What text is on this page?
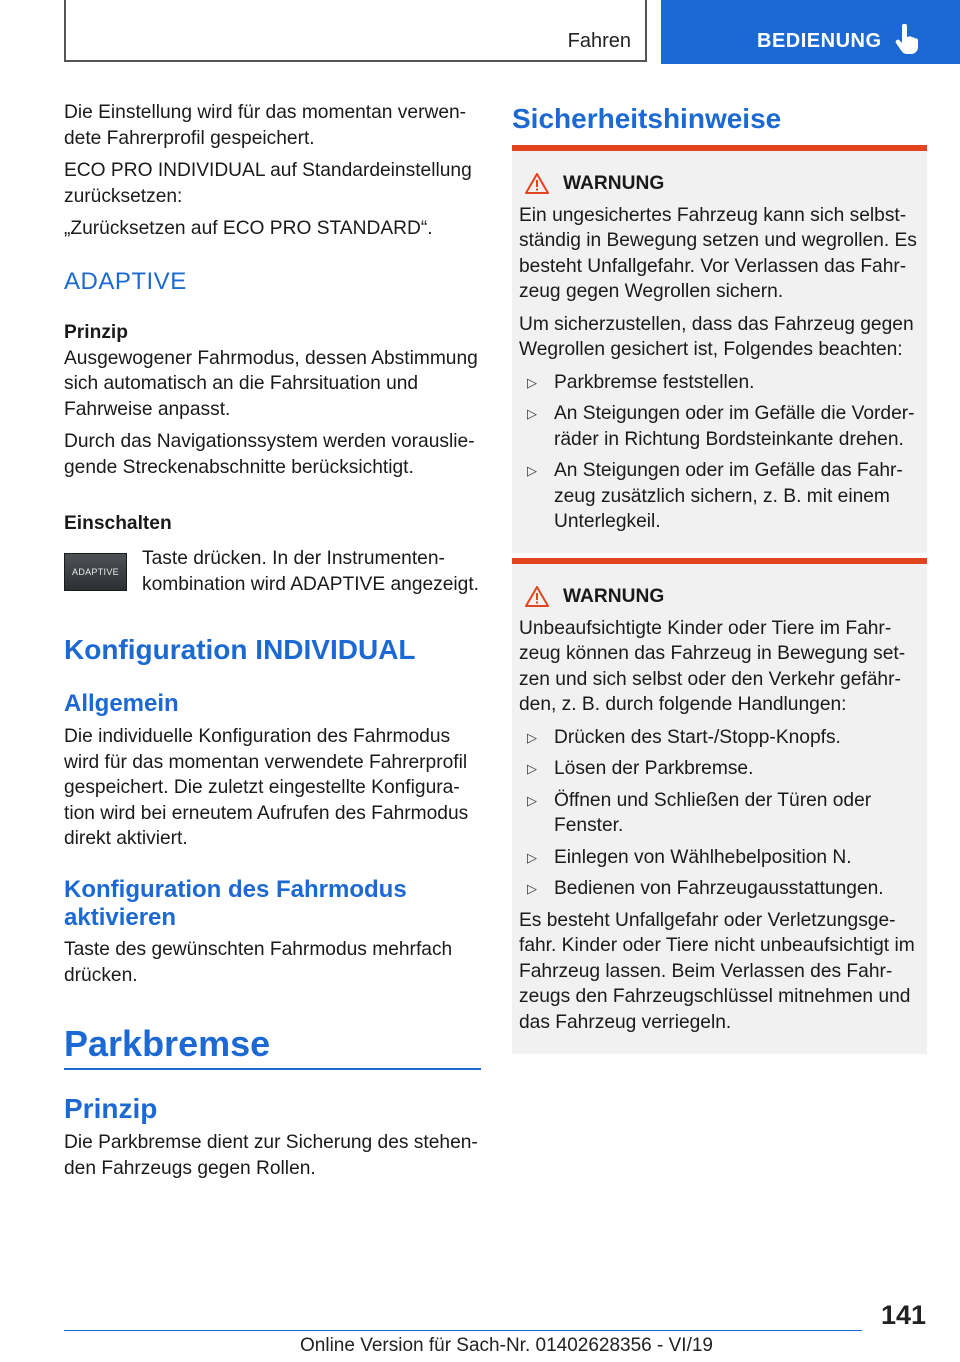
Fahren	BEDIENUNG

Die Einstellung wird für das momentan verwendete Fahrerprofil gespeichert.

ECO PRO INDIVIDUAL auf Standardeinstellung zurücksetzen:

„Zurücksetzen auf ECO PRO STANDARD“.

ADAPTIVE
Prinzip

Ausgewogener Fahrmodus, dessen Abstimmung sich automatisch an die Fahrsituation und Fahrweise anpasst.

Durch das Navigationssystem werden vorausliegende Streckenabschnitte berücksichtigt.

Einschalten
ADAPTIVE
Taste drücken. In der Instrumentenkombination wird ADAPTIVE angezeigt.
Konfiguration INDIVIDUAL
Allgemein
Die individuelle Konfiguration des Fahrmodus wird für das momentan verwendete Fahrerprofil gespeichert. Die zuletzt eingestellte Konfiguration wird bei erneutem Aufrufen des Fahrmodus direkt aktiviert.
Konfiguration des Fahrmodus aktivieren
Taste des gewünschten Fahrmodus mehrfach drücken.
Parkbremse
Prinzip
Die Parkbremse dient zur Sicherung des stehenden Fahrzeugs gegen Rollen.
Sicherheitshinweise
WARNUNG

Ein ungesichertes Fahrzeug kann sich selbstständig in Bewegung setzen und wegrollen. Es besteht Unfallgefahr. Vor Verlassen das Fahrzeug gegen Wegrollen sichern.

Um sicherzustellen, dass das Fahrzeug gegen Wegrollen gesichert ist, Folgendes beachten:

▷ Parkbremse feststellen.
▷ An Steigungen oder im Gefälle die Vorderräder in Richtung Bordsteinkante drehen.
▷ An Steigungen oder im Gefälle das Fahrzeug zusätzlich sichern, z. B. mit einem Unterlegkeil.
WARNUNG

Unbeaufsichtigte Kinder oder Tiere im Fahrzeug können das Fahrzeug in Bewegung setzen und sich selbst oder den Verkehr gefährden, z. B. durch folgende Handlungen:

▷ Drücken des Start-/Stopp-Knopfs.
▷ Lösen der Parkbremse.
▷ Öffnen und Schließen der Türen oder Fenster.
▷ Einlegen von Wählhebelposition N.
▷ Bedienen von Fahrzeugausstattungen.

Es besteht Unfallgefahr oder Verletzungsgefahr. Kinder oder Tiere nicht unbeaufsichtigt im Fahrzeug lassen. Beim Verlassen des Fahrzeugs den Fahrzeugschlüssel mitnehmen und das Fahrzeug verriegeln.

141
Online Version für Sach-Nr. 01402628356 - VI/19
